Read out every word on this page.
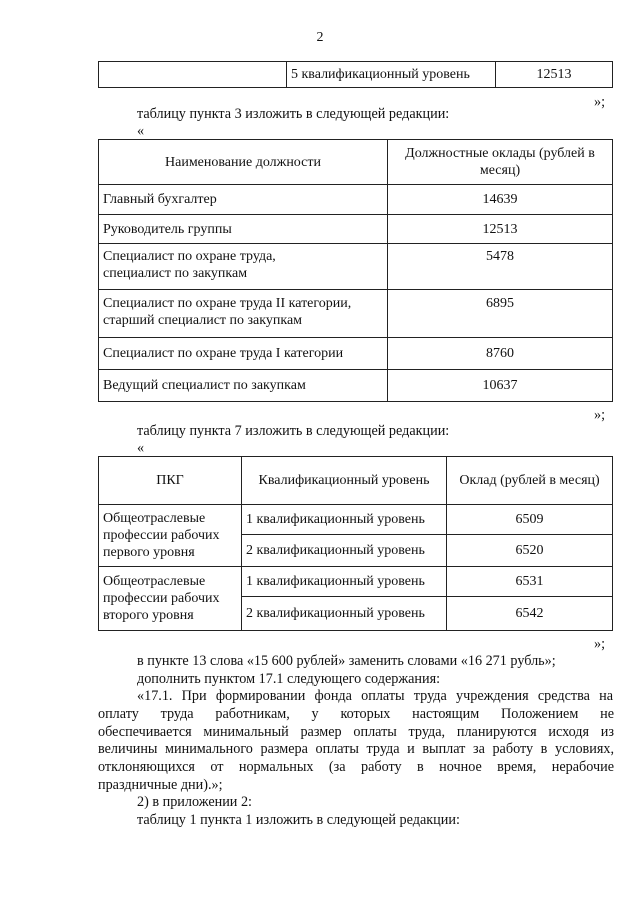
2
	5 квалификационный уровень	12513
»;
таблицу пункта 3 изложить в следующей редакции:
«
Наименование должности	Должностные оклады (рублей в месяц)
Главный бухгалтер	14639
Руководитель группы	12513

Специалист по охране труда,
специалист по закупкам	5478

Специалист по охране труда II категории,
старший специалист по закупкам	6895
Специалист по охране труда I категории	8760
Ведущий специалист по закупкам	10637
»;
таблицу пункта 7 изложить в следующей редакции:
«
ПКГ	Квалификационный уровень	Оклад (рублей в месяц)

Общеотраслевые
профессии рабочих
первого уровня	1 квалификационный уровень	6509
	2 квалификационный уровень	6520

Общеотраслевые
профессии рабочих
второго уровня	1 квалификационный уровень	6531
	2 квалификационный уровень	6542
»;
в пункте 13 слова «15 600 рублей» заменить словами «16 271 рубль»;
дополнить пунктом 17.1 следующего содержания:
«17.1. При формировании фонда оплаты труда учреждения средства на
оплату труда работникам, у которых настоящим Положением не
обеспечивается минимальный размер оплаты труда, планируются исходя из
величины минимального размера оплаты труда и выплат за работу в условиях,
отклоняющихся от нормальных (за работу в ночное время, нерабочие
праздничные дни).»;
2) в приложении 2:
таблицу 1 пункта 1 изложить в следующей редакции:
